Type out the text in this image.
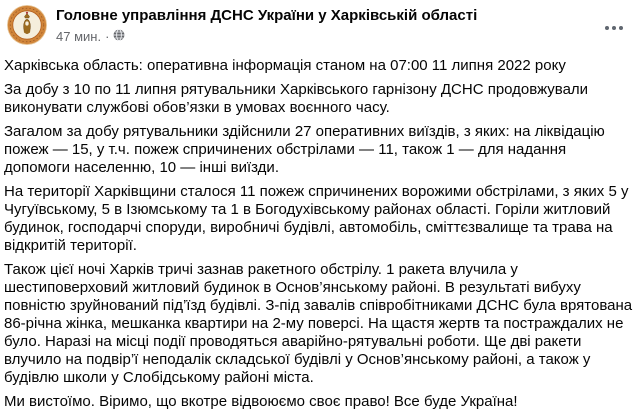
Головне управління ДСНС України у Харківській області
47 мин. ·

Харківська область: оперативна інформація станом на 07:00 11 липня 2022 року

За добу з 10 по 11 липня рятувальники Харківського гарнізону ДСНС продовжували виконувати службові обов’язки в умовах воєнного часу.

Загалом за добу рятувальники здійснили 27 оперативних виїздів, з яких: на ліквідацію пожеж — 15, у т.ч. пожеж спричинених обстрілами — 11, також 1 — для надання допомоги населенню, 10 — інші виїзди.

На території Харківщини сталося 11 пожеж спричинених ворожими обстрілами, з яких 5 у Чугуївському, 5 в Ізюмському та 1 в Богодухівському районах області. Горіли житловий будинок, господарчі споруди, виробничі будівлі, автомобіль, сміттєзвалище та трава на відкритій території.

Також цієї ночі Харків тричі зазнав ракетного обстрілу. 1 ракета влучила у шестиповерховий житловий будинок в Основ’янському районі. В результаті вибуху повністю зруйнований під’їзд будівлі. З-під завалів співробітниками ДСНС була врятована 86-річна жінка, мешканка квартири на 2-му поверсі. На щастя жертв та постраждалих не було. Наразі на місці події проводяться аварійно-рятувальні роботи. Ще дві ракети влучило на подвір’ї неподалік складської будівлі у Основ’янському районі, а також у будівлю школи у Слобідському районі міста.

Ми вистоїмо. Віримо, що вкотре відвоюємо своє право! Все буде Україна!
